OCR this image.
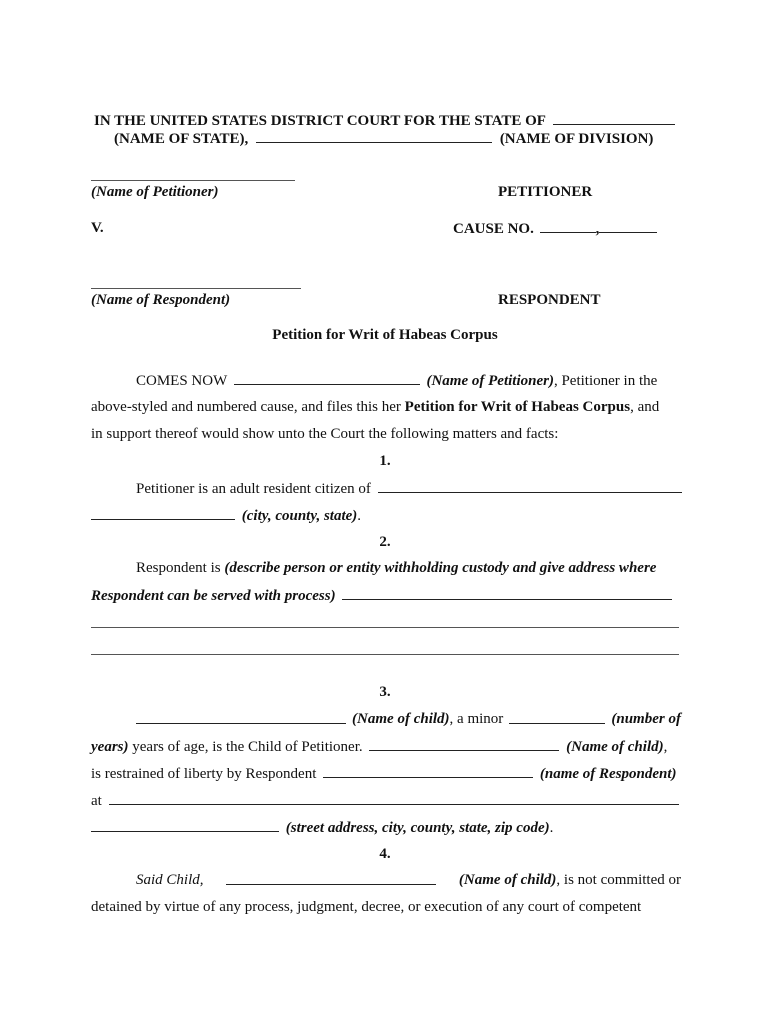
IN THE UNITED STATES DISTRICT COURT FOR THE STATE OF
(NAME OF STATE),	(NAME OF DIVISION)
(Name of Petitioner)	PETITIONER
V.	CAUSE NO.	,
(Name of Respondent)	RESPONDENT
Petition for Writ of Habeas Corpus
COMES NOW	(Name of Petitioner), Petitioner in the
above-styled and numbered cause, and files this her Petition for Writ of Habeas Corpus, and
in support thereof would show unto the Court the following matters and facts:
1.
Petitioner is an adult resident citizen of
(city, county, state).
2.
Respondent is (describe person or entity withholding custody and give address where
Respondent can be served with process)
3.
(Name of child), a minor	(number of
years) years of age, is the Child of Petitioner.	(Name of child),
is restrained of liberty by Respondent	(name of Respondent)
at
(street address, city, county, state, zip code).
4.
Said Child,	(Name of child), is not committed or
detained by virtue of any process, judgment, decree, or execution of any court of competent
